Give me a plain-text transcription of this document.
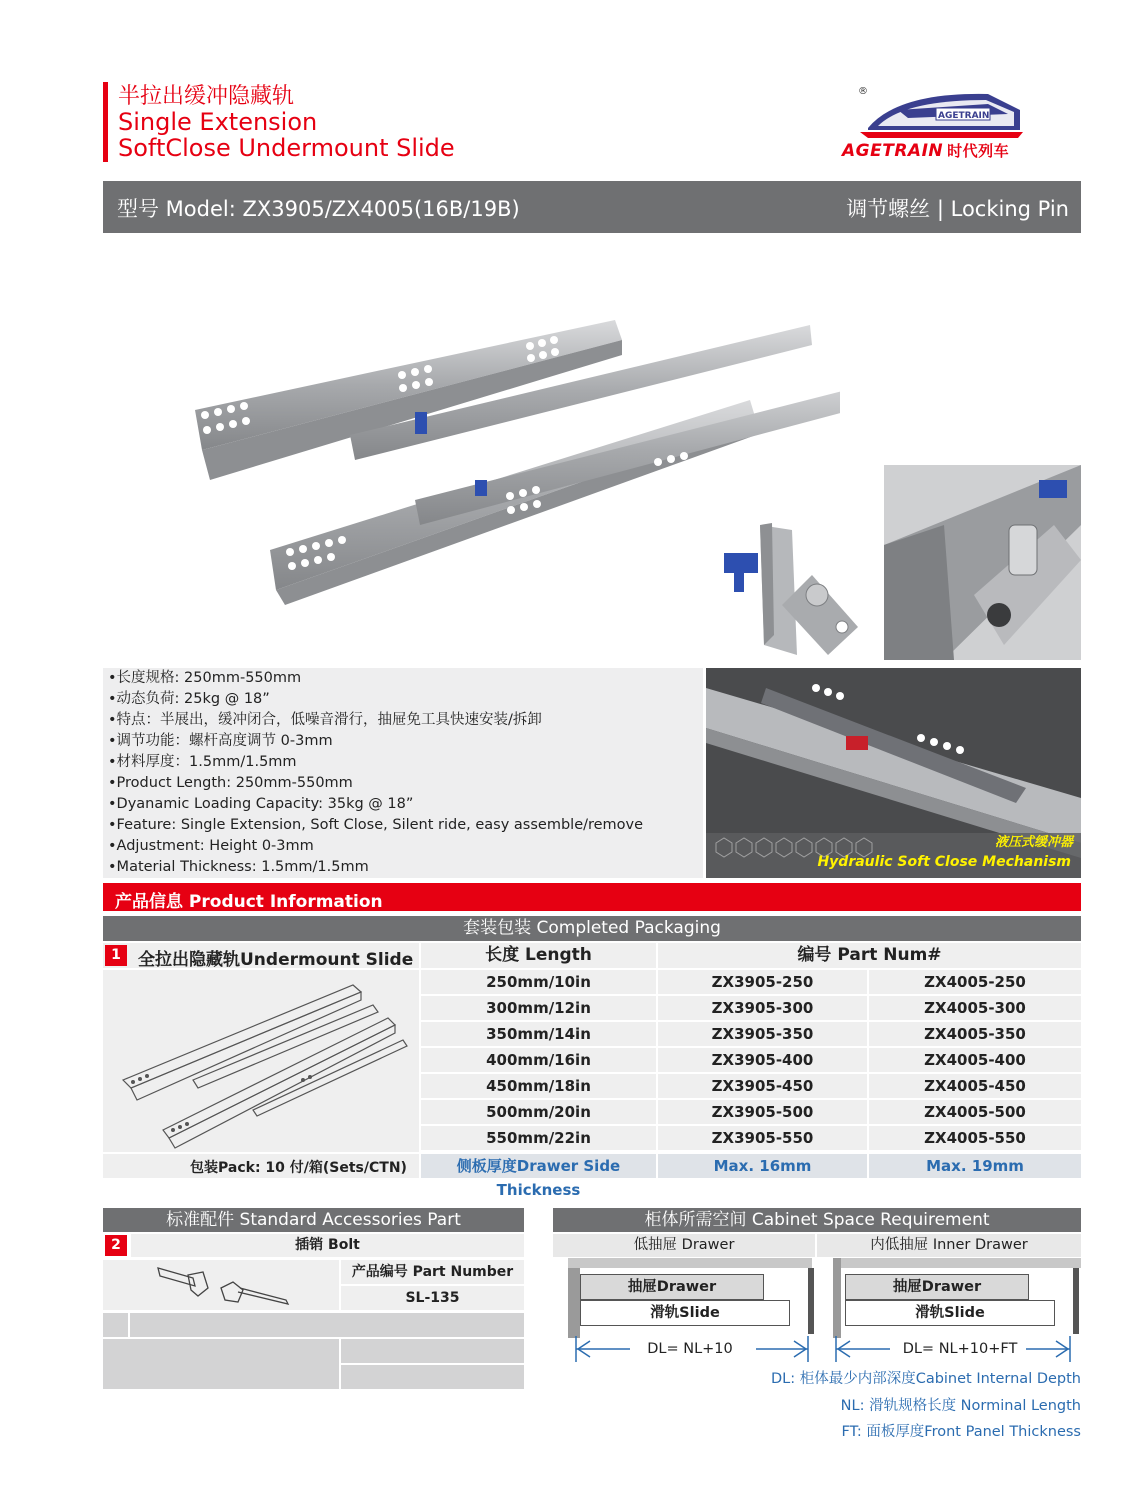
半拉出缓冲隐藏轨
Single Extension
SoftClose Undermount Slide
®
AGETRAIN
AGETRAIN 时代列车
型号 Model: ZX3905/ZX4005(16B/19B)	调节螺丝 | Locking Pin
•长度规格: 250mm-550mm
•动态负荷: 25kg @ 18”
•特点：半展出，缓冲闭合，低噪音滑行，抽屉免工具快速安装/拆卸
•调节功能：螺杆高度调节 0-3mm
•材料厚度：1.5mm/1.5mm
•Product Length: 250mm-550mm
•Dyanamic Loading Capacity: 35kg @ 18”
•Feature: Single Extension, Soft Close, Silent ride, easy assemble/remove
•Adjustment: Height 0-3mm
•Material Thickness: 1.5mm/1.5mm
液压式缓冲器
Hydraulic Soft Close Mechanism
产品信息 Product Information
套装包装 Completed Packaging
1	全拉出隐藏轨Undermount Slide	长度 Length	编号 Part Num#
250mm/10in	ZX3905-250	ZX4005-250
300mm/12in	ZX3905-300	ZX4005-300
350mm/14in	ZX3905-350	ZX4005-350
400mm/16in	ZX3905-400	ZX4005-400
450mm/18in	ZX3905-450	ZX4005-450
500mm/20in	ZX3905-500	ZX4005-500
550mm/22in	ZX3905-550	ZX4005-550
包装Pack: 10 付/箱(Sets/CTN)	侧板厚度Drawer Side Thickness
Max. 16mm	Max. 19mm
标准配件 Standard Accessories Part
2	插销 Bolt
产品编号 Part Number
SL-135
柜体所需空间 Cabinet Space Requirement
低抽屉 Drawer	内低抽屉 Inner Drawer
抽屉Drawer
滑轨Slide
DL= NL+10
抽屉Drawer
滑轨Slide
DL= NL+10+FT
DL: 柜体最少内部深度Cabinet Internal Depth
NL: 滑轨规格长度 Norminal Length
FT: 面板厚度Front Panel Thickness
